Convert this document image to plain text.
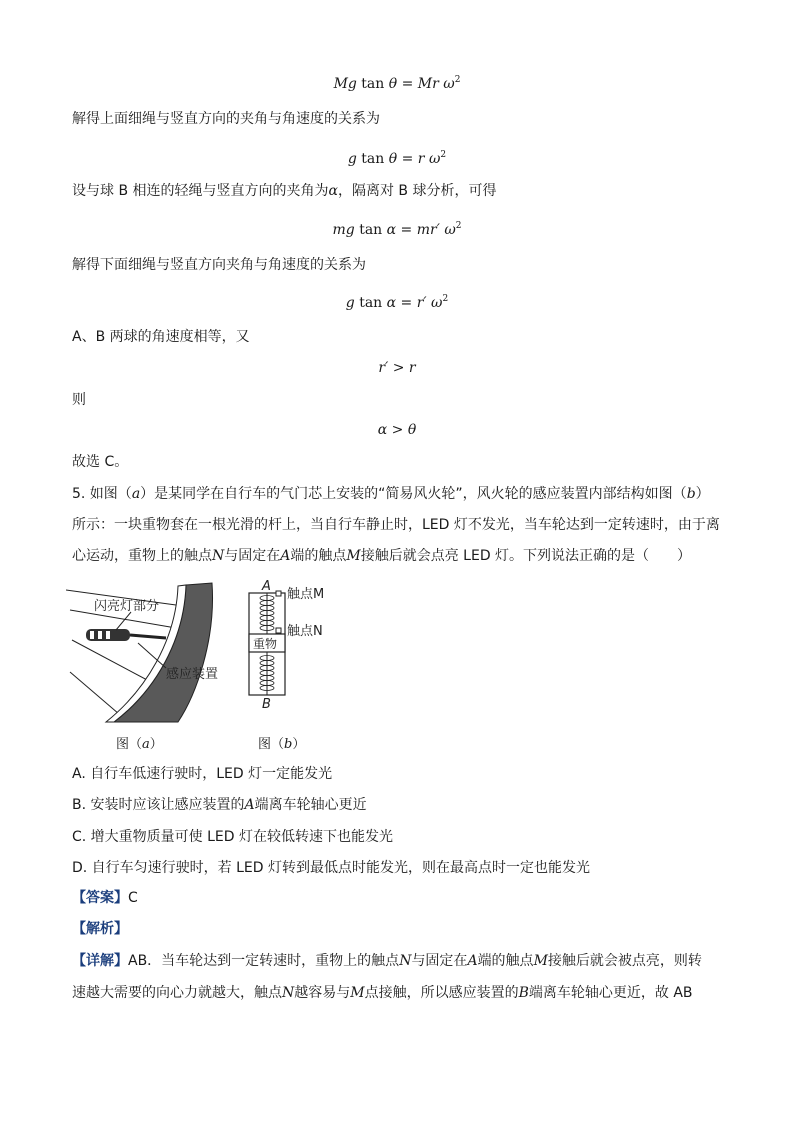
Mg tan θ = Mr $\omega^2$
解得上面细绳与竖直方向的夹角与角速度的关系为
g tan θ = r $\omega^2$
设与球 B 相连的轻绳与竖直方向的夹角为α，隔离对 B 球分析，可得
mg tan α = mr′ $\omega^2$
解得下面细绳与竖直方向夹角与角速度的关系为
g tan α = r′ $\omega^2$
A、B 两球的角速度相等，又
r′ > r
则
α > θ
故选 C。
5. 如图（a）是某同学在自行车的气门芯上安装的“简易风火轮”，风火轮的感应装置内部结构如图（b）
所示：一块重物套在一根光滑的杆上，当自行车静止时，LED 灯不发光，当车轮达到一定转速时，由于离
心运动，重物上的触点N与固定在A端的触点M接触后就会点亮 LED 灯。下列说法正确的是（　　）
闪亮灯部分
感应装置
图（a）
A
重物
触点M
触点N
B
图（b）
A. 自行车低速行驶时，LED 灯一定能发光
B. 安装时应该让感应装置的A端离车轮轴心更近
C. 增大重物质量可使 LED 灯在较低转速下也能发光
D. 自行车匀速行驶时，若 LED 灯转到最低点时能发光，则在最高点时一定也能发光
【答案】C
【解析】
【详解】AB．当车轮达到一定转速时，重物上的触点N与固定在A端的触点M接触后就会被点亮，则转
速越大需要的向心力就越大，触点N越容易与M点接触，所以感应装置的B端离车轮轴心更近，故 AB
